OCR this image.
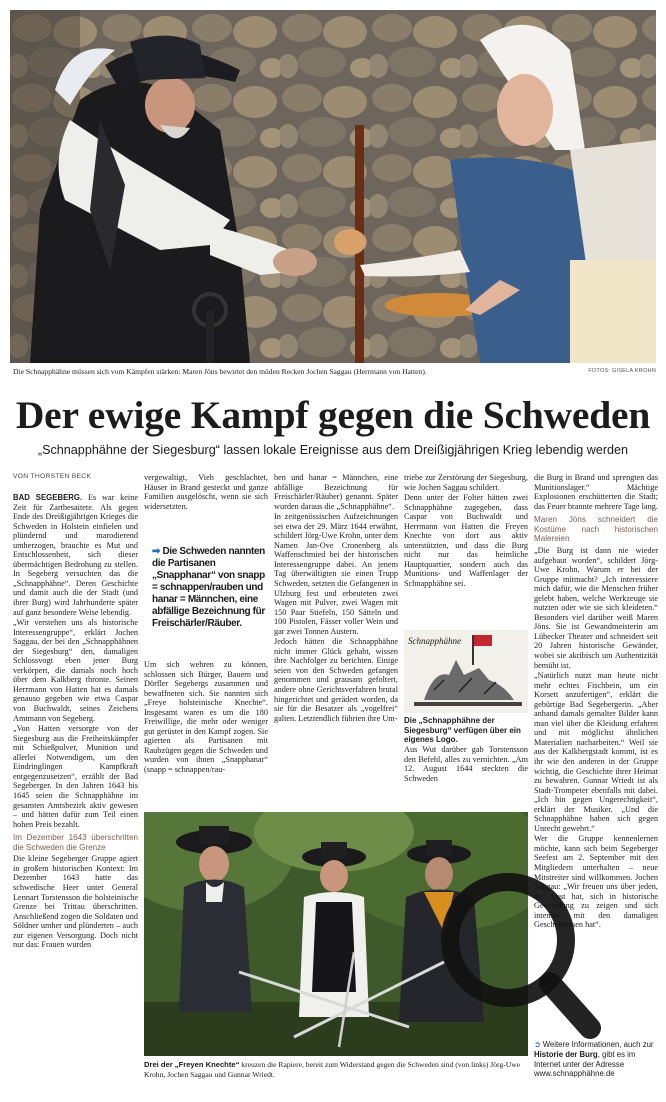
Die Schnapphähne müssen sich vom Kämpfen stärken: Maren Jöns bewirtet den müden Recken Jochen Saggau (Herrmann von Hatten).	FOTOS: GISELA KROHN
Der ewige Kampf gegen die Schweden
„Schnapphähne der Siegesburg“ lassen lokale Ereignisse aus dem Dreißigjährigen Krieg lebendig werden
VON THORSTEN BECK

BAD SEGEBERG. Es war keine Zeit für Zartbesaitete. Als gegen Ende des Dreißigjährigen Krieges die Schweden in Holstein einfielen und plündernd und marodierend umherzogen, brauchte es Mut und Entschlossenheit, sich dieser übermächtigen Bedrohung zu stellen. In Segeberg versuchten das die „Schnapphähne“. Deren Geschichte und damit auch die der Stadt (und ihrer Burg) wird Jahrhunderte später auf ganz besondere Weise lebendig.

„Wir verstehen uns als historische Interessengruppe“, erklärt Jochen Saggau, der bei den „Schnapphähnen der Siegesburg“ den, damaligen Schlossvogt eben jener Burg verkörpert, die damals noch hoch über dem Kalkberg thronte. Seinen Herrmann von Hatten hat es damals genauso gegeben wie etwa Caspar von Buchwaldt, seines Zeichens Amtmann von Segeberg.

„Von Hatten versorgte von der Siegesburg aus die Freiheitskämpfer mit Schießpulver, Munition und allerlei Notwendigem, um den Eindringlingen Kampfkraft entgegenzusetzen“, erzählt der Bad Segeberger. In den Jahren 1643 bis 1645 seien die Schnapphähne im gesamten Amtsbezirk aktiv gewesen – und hätten dafür zum Teil einen hohen Preis bezahlt.

Im Dezember 1643 überschritten die Schweden die Grenze

Die kleine Segeberger Gruppe agiert in großem historischen Kontext: Im Dezember 1643 hatte das schwedische Heer unter General Lennart Torstensson die holsteinische Grenze bei Trittau überschritten. Anschließend zogen die Soldaten und Söldner umher und plünderten – auch zur eigenen Versorgung. Doch nicht nur das: Frauen wurden

vergewaltigt, Vieh geschlachtet, Häuser in Brand gesteckt und ganze Familien ausgelöscht, wenn sie sich widersetzten.

➡ Die Schweden nannten die Partisanen „Snapphanar“ von snapp = schnappen/rauben und hanar = Männchen, eine abfällige Bezeichnung für Freischärler/Räuber.

Um sich wehren zu können, schlossen sich Bürger, Bauern und Dörfler Segebergs zusammen und bewaffneten sich. Sie nannten sich „Freye holsteinische Knechte“. Insgesamt waren es um die 180 Freiwillige, die mehr oder weniger gut gerüstet in den Kampf zogen. Sie agierten als Partisanen mit Raubzügen gegen die Schweden und wurden von ihnen „Snapphanar“ (snapp = schnappen/rau-

ben und hanar = Männchen, eine abfällige Bezeichnung für Freischärler/Räuber) genannt. Später wurden daraus die „Schnapphähne“.

In zeitgenössischen Aufzeichnungen sei etwa der 29. März 1644 erwähnt, schildert Jörg-Uwe Krohn, unter dem Namen Jan-Ove Cronenberg als Waffenschmied bei der historischen Interessengruppe dabei. An jenem Tag überwältigten sie einen Trupp Schweden, setzten die Gefangenen in Ulzburg fest und erbeuteten zwei Wagen mit Pulver, zwei Wagen mit 150 Paar Stiefeln, 150 Sätteln und 100 Pistolen, Fässer voller Wein und gar zwei Tonnen Austern.

Jedoch hätten die Schnapphähne nicht immer Glück gehabt, wissen ihre Nachfolger zu berichten. Einige seien von den Schweden gefangen genommen und grausam gefoltert, andere ohne Gerichtsverfahren brutal hingerichtet und gerädert worden, da sie für die Besatzer als „vogelfrei“ galten. Letztendlich führten ihre Um-

triebe zur Zerstörung der Siegesburg, wie Jochen Saggau schildert.

Denn unter der Folter hätten zwei Schnapphähne zugegeben, dass Caspar von Buchwaldt und Herrmann von Hatten die Freyen Knechte von dort aus aktiv unterstützten, und dass die Burg nicht nur das heimliche Hauptquartier, sondern auch das Munitions- und Waffenlager der Schnapphähne sei.

Schnapphähne
Die „Schnapphähne der Siegesburg“ verfügen über ein eigenes Logo.

Aus Wut darüber gab Torstensson den Befehl, alles zu vernichten. „Am 12. August 1644 steckten die Schweden

die Burg in Brand und sprengten das Munitionslager.“ Mächtige Explosionen erschütterten die Stadt; das Feuer brannte mehrere Tage lang.

Maren Jöns schneidert die Kostüme nach historischen Malereien

„Die Burg ist dann nie wieder aufgebaut worden“, schildert Jörg-Uwe Krohn. Warum er bei der Gruppe mitmacht? „Ich interessiere mich dafür, wie die Menschen früher gelebt haben, welche Werkzeuge sie nutzten oder wie sie sich kleideten.“ Besonders viel darüber weiß Maren Jöns. Sie ist Gewandmeisterin am Lübecker Theater und schneidert seit 20 Jahren historische Gewänder, wobei sie akribisch um Authentizität bemüht ist.

„Natürlich nutzt man heute nicht mehr echtes Fischbein, um ein Korsett anzufertigen“, erklärt die gebürtige Bad Segebergerin. „Aber anhand damals gemalter Bilder kann man viel über die Kleidung erfahren und mit möglichst ähnlichen Materialien nacharbeiten.“ Weil sie aus der Kalkbergstadt kommt, ist es ihr wie den anderen in der Gruppe wichtig, die Geschichte ihrer Heimat zu bewahren. Gunnar Wriedt ist als Stadt-Trompeter ebenfalls mit dabei. „Ich bin gegen Ungerechtigkeit“, erklärt der Musiker. „Und die Schnapphähne haben sich gegen Unrecht gewehrt.“

Wer die Gruppe kennenlernen möchte, kann sich beim Segeberger Seefest am 2. September mit den Mitgliedern unterhalten – neue Mitstreiter sind willkommen. Jochen Saggau: „Wir freuen uns über jeden, der Lust hat, sich in historische Gewandung zu zeigen und sich intensiv mit den damaligen Geschehnissen hat“.

➲ Weitere Informationen, auch zur Historie der Burg, gibt es im Internet unter der Adresse www.schnapphähne.de
Drei der „Freyen Knechte“ kreuzen die Rapiere, bereit zum Widerstand gegen die Schweden sind (von links) Jörg-Uwe Krohn, Jochen Saggau und Gunnar Wriedt.
